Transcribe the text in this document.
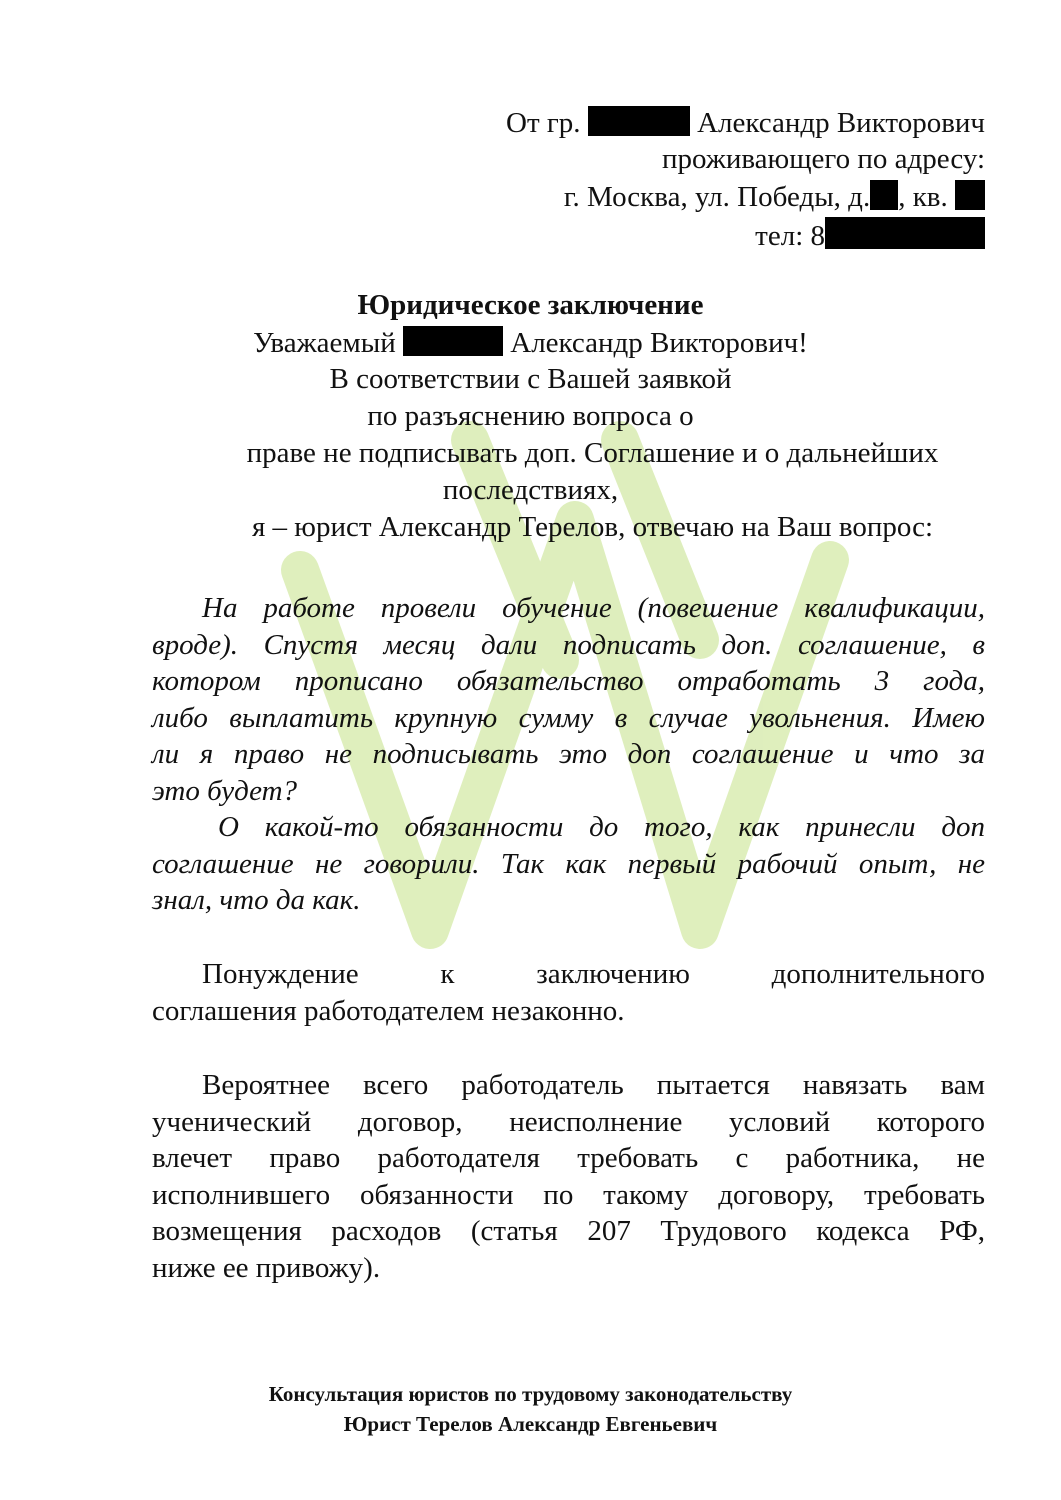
От гр.	Александр Викторович
проживающего по адресу:
г. Москва, ул. Победы, д. , кв.
тел: 8
Юридическое заключение
Уважаемый	Александр Викторович!
В соответствии с Вашей заявкой
по разъяснению вопроса о
праве не подписывать доп. Соглашение и о дальнейших
последствиях,
я – юрист Александр Терелов, отвечаю на Ваш вопрос:
На работе провели обучение (повешение квалификации,
вроде). Спустя месяц дали подписать доп. соглашение, в
котором прописано обязательство отработать 3 года,
либо выплатить крупную сумму в случае увольнения. Имею
ли я право не подписывать это доп соглашение и что за
это будет?
О какой-то обязанности до того, как принесли доп
соглашение не говорили. Так как первый рабочий опыт, не
знал, что да как.
Понуждение к заключению дополнительного
соглашения работодателем незаконно.
Вероятнее всего работодатель пытается навязать вам
ученический договор, неисполнение условий которого
влечет право работодателя требовать с работника, не
исполнившего обязанности по такому договору, требовать
возмещения расходов (статья 207 Трудового кодекса РФ,
ниже ее привожу).
Консультация юристов по трудовому законодательству
Юрист Терелов Александр Евгеньевич
